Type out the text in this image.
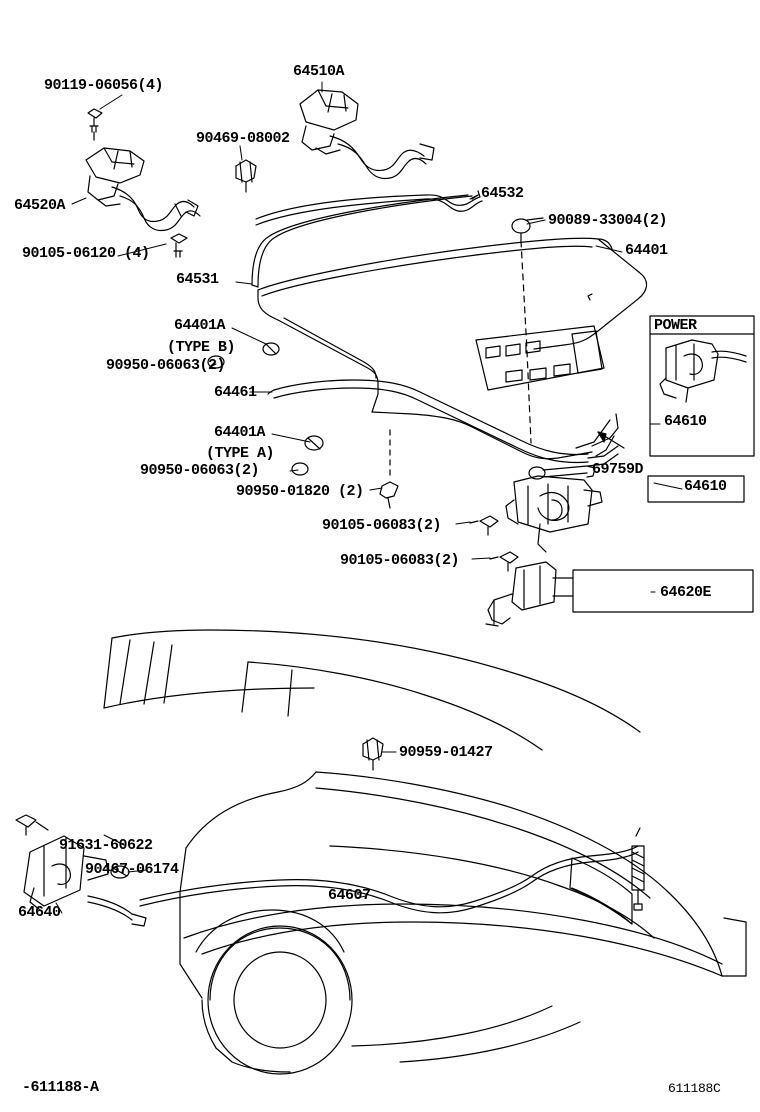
90119-06056(4)
64510A
90469-08002
64520A
64532
90089-33004(2)
64401
90105-06120 (4)
64531
64401A
(TYPE B)
90950-06063(2)
64461
64401A
(TYPE A)
90950-06063(2)
90950-01820 (2)
90105-06083(2)
69759D
64610
64610
90105-06083(2)
64620E
90959-01427
91631-60622
90467-06174
64607
64640
-611188-A	611188C
POWER
